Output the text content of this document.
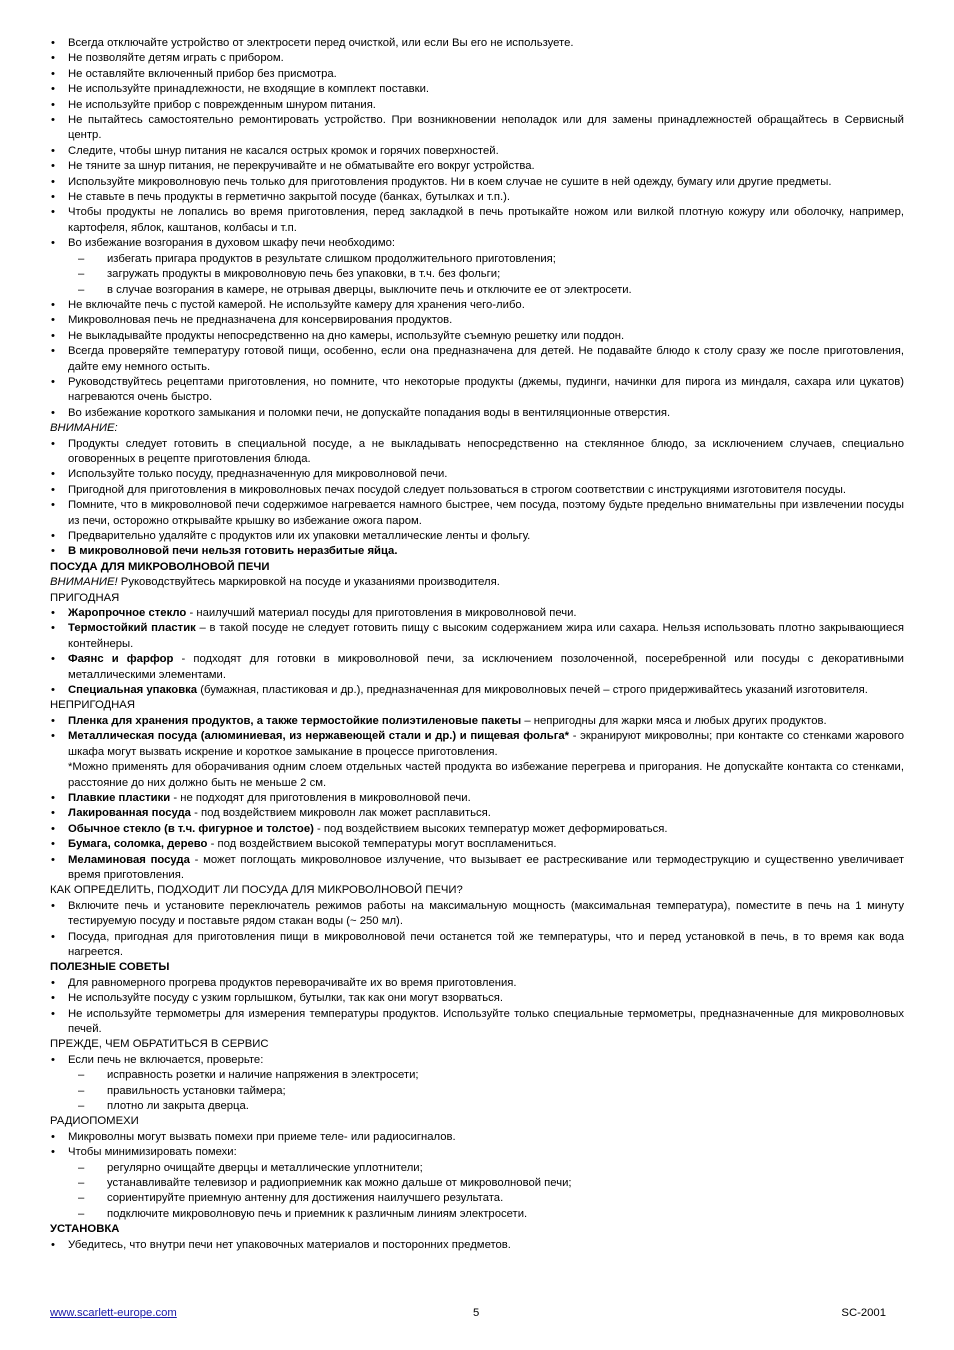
• Всегда отключайте устройство от электросети перед очисткой, или если Вы его не используете.
• Не позволяйте детям играть с прибором.
• Не оставляйте включенный прибор без присмотра.
• Не используйте принадлежности, не входящие в комплект поставки.
• Не используйте прибор с поврежденным шнуром питания.
• Не пытайтесь самостоятельно ремонтировать устройство. При возникновении неполадок или для замены принадлежностей обращайтесь в Сервисный центр.
• Следите, чтобы шнур питания не касался острых кромок и горячих поверхностей.
• Не тяните за шнур питания, не перекручивайте и не обматывайте его вокруг устройства.
• Используйте микроволновую печь только для приготовления продуктов. Ни в коем случае не сушите в ней одежду, бумагу или другие предметы.
• Не ставьте в печь продукты в герметично закрытой посуде (банках, бутылках и т.п.).
• Чтобы продукты не лопались во время приготовления, перед закладкой в печь протыкайте ножом или вилкой плотную кожуру или оболочку, например, картофеля, яблок, каштанов, колбасы и т.п.
• Во избежание возгорания в духовом шкафу печи необходимо:
– избегать пригара продуктов в результате слишком продолжительного приготовления;
– загружать продукты в микроволновую печь без упаковки, в т.ч. без фольги;
– в случае возгорания в камере, не отрывая дверцы, выключите печь и отключите ее от электросети.
• Не включайте печь с пустой камерой. Не используйте камеру для хранения чего-либо.
• Микроволновая печь не предназначена для консервирования продуктов.
• Не выкладывайте продукты непосредственно на дно камеры, используйте съемную решетку или поддон.
• Всегда проверяйте температуру готовой пищи, особенно, если она предназначена для детей. Не подавайте блюдо к столу сразу же после приготовления, дайте ему немного остыть.
• Руководствуйтесь рецептами приготовления, но помните, что некоторые продукты (джемы, пудинги, начинки для пирога из миндаля, сахара или цукатов) нагреваются очень быстро.
• Во избежание короткого замыкания и поломки печи, не допускайте попадания воды в вентиляционные отверстия.
ВНИМАНИЕ:
• Продукты следует готовить в специальной посуде, а не выкладывать непосредственно на стеклянное блюдо, за исключением случаев, специально оговоренных в рецепте приготовления блюда.
• Используйте только посуду, предназначенную для микроволновой печи.
• Пригодной для приготовления в микроволновых печах посудой следует пользоваться в строгом соответствии с инструкциями изготовителя посуды.
• Помните, что в микроволновой печи содержимое нагревается намного быстрее, чем посуда, поэтому будьте предельно внимательны при извлечении посуды из печи, осторожно открывайте крышку во избежание ожога паром.
• Предварительно удаляйте с продуктов или их упаковки металлические ленты и фольгу.
• В микроволновой печи нельзя готовить неразбитые яйца.
ПОСУДА ДЛЯ МИКРОВОЛНОВОЙ ПЕЧИ
ВНИМАНИЕ! Руководствуйтесь маркировкой на посуде и указаниями производителя.
ПРИГОДНАЯ
• Жаропрочное стекло - наилучший материал посуды для приготовления в микроволновой печи.
• Термостойкий пластик – в такой посуде не следует готовить пищу с высоким содержанием жира или сахара. Нельзя использовать плотно закрывающиеся контейнеры.
• Фаянс и фарфор - подходят для готовки в микроволновой печи, за исключением позолоченной, посеребренной или посуды с декоративными металлическими элементами.
• Специальная упаковка (бумажная, пластиковая и др.), предназначенная для микроволновых печей – строго придерживайтесь указаний изготовителя.
НЕПРИГОДНАЯ
• Пленка для хранения продуктов, а также термостойкие полиэтиленовые пакеты – непригодны для жарки мяса и любых других продуктов.
• Металлическая посуда (алюминиевая, из нержавеющей стали и др.) и пищевая фольга* - экранируют микроволны; при контакте со стенками жарового шкафа могут вызвать искрение и короткое замыкание в процессе приготовления.
*Можно применять для оборачивания одним слоем отдельных частей продукта во избежание перегрева и пригорания. Не допускайте контакта со стенками, расстояние до них должно быть не меньше 2 см.
• Плавкие пластики - не подходят для приготовления в микроволновой печи.
• Лакированная посуда - под воздействием микроволн лак может расплавиться.
• Обычное стекло (в т.ч. фигурное и толстое) - под воздействием высоких температур может деформироваться.
• Бумага, соломка, дерево - под воздействием высокой температуры могут воспламениться.
• Меламиновая посуда - может поглощать микроволновое излучение, что вызывает ее растрескивание или термодеструкцию и существенно увеличивает время приготовления.
КАК ОПРЕДЕЛИТЬ, ПОДХОДИТ ЛИ ПОСУДА ДЛЯ МИКРОВОЛНОВОЙ ПЕЧИ?
• Включите печь и установите переключатель режимов работы на максимальную мощность (максимальная температура), поместите в печь на 1 минуту тестируемую посуду и поставьте рядом стакан воды (~ 250 мл).
• Посуда, пригодная для приготовления пищи в микроволновой печи останется той же температуры, что и перед установкой в печь, в то время как вода нагреется.
ПОЛЕЗНЫЕ СОВЕТЫ
• Для равномерного прогрева продуктов переворачивайте их во время приготовления.
• Не используйте посуду с узким горлышком, бутылки, так как они могут взорваться.
• Не используйте термометры для измерения температуры продуктов. Используйте только специальные термометры, предназначенные для микроволновых печей.
ПРЕЖДЕ, ЧЕМ ОБРАТИТЬСЯ В СЕРВИС
• Если печь не включается, проверьте:
– исправность розетки и наличие напряжения в электросети;
– правильность установки таймера;
– плотно ли закрыта дверца.
РАДИОПОМЕХИ
• Микроволны могут вызвать помехи при приеме теле- или радиосигналов.
• Чтобы минимизировать помехи:
– регулярно очищайте дверцы и металлические уплотнители;
– устанавливайте телевизор и радиоприемник как можно дальше от микроволновой печи;
– сориентируйте приемную антенну для достижения наилучшего результата.
– подключите микроволновую печь и приемник к различным линиям электросети.
УСТАНОВКА
• Убедитесь, что внутри печи нет упаковочных материалов и посторонних предметов.
www.scarlett-europe.com	5	SC-2001
